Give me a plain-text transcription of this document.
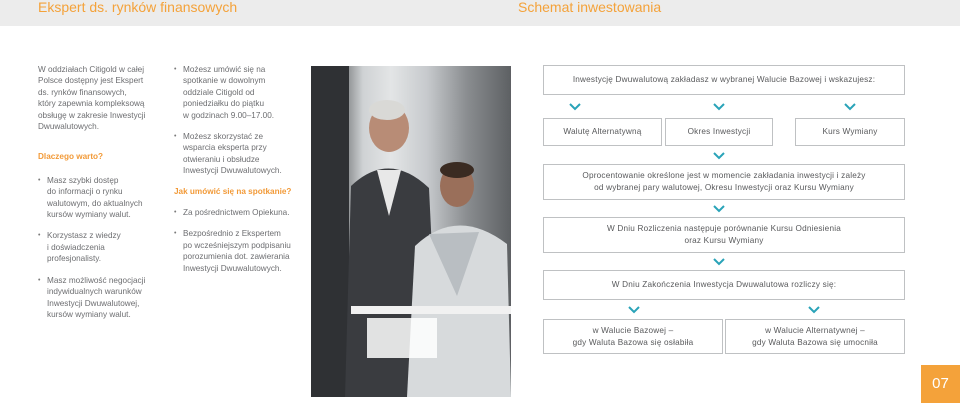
Ekspert ds. rynków finansowych	Schemat inwestowania

W oddziałach Citigold w całej

Polsce dostępny jest Ekspert

ds. rynków finansowych,

który zapewnia kompleksową

obsługę w zakresie Inwestycji

Dwuwalutowych.

Dlaczego warto?

• Masz szybki dostęp

do informacji o rynku

walutowym, do aktualnych

kursów wymiany walut.

• Korzystasz z wiedzy

i doświadczenia

profesjonalisty.

• Masz możliwość negocjacji

indywidualnych warunków

Inwestycji Dwuwalutowej,

kursów wymiany walut.

• Możesz umówić się na

spotkanie w dowolnym

oddziale Citigold od

poniedziałku do piątku

w godzinach 9.00–17.00.

• Możesz skorzystać ze

wsparcia eksperta przy

otwieraniu i obsłudze

Inwestycji Dwuwalutowych.

Jak umówić się na spotkanie?

• Za pośrednictwem Opiekuna.

• Bezpośrednio z Ekspertem

po wcześniejszym podpisaniu

porozumienia dot. zawierania

Inwestycji Dwuwalutowych.

Inwestycję Dwuwalutową zakładasz w wybranej Walucie Bazowej i wskazujesz:
Walutę Alternatywną	Okres Inwestycji	Kurs Wymiany
Oprocentowanie określone jest w momencie zakładania inwestycji i zależy
od wybranej pary walutowej, Okresu Inwestycji oraz Kursu Wymiany
W Dniu Rozliczenia następuje porównanie Kursu Odniesienia
oraz Kursu Wymiany
W Dniu Zakończenia Inwestycja Dwuwalutowa rozliczy się:
w Walucie Bazowej –
gdy Waluta Bazowa się osłabiła
w Walucie Alternatywnej –
gdy Waluta Bazowa się umocniła
07
